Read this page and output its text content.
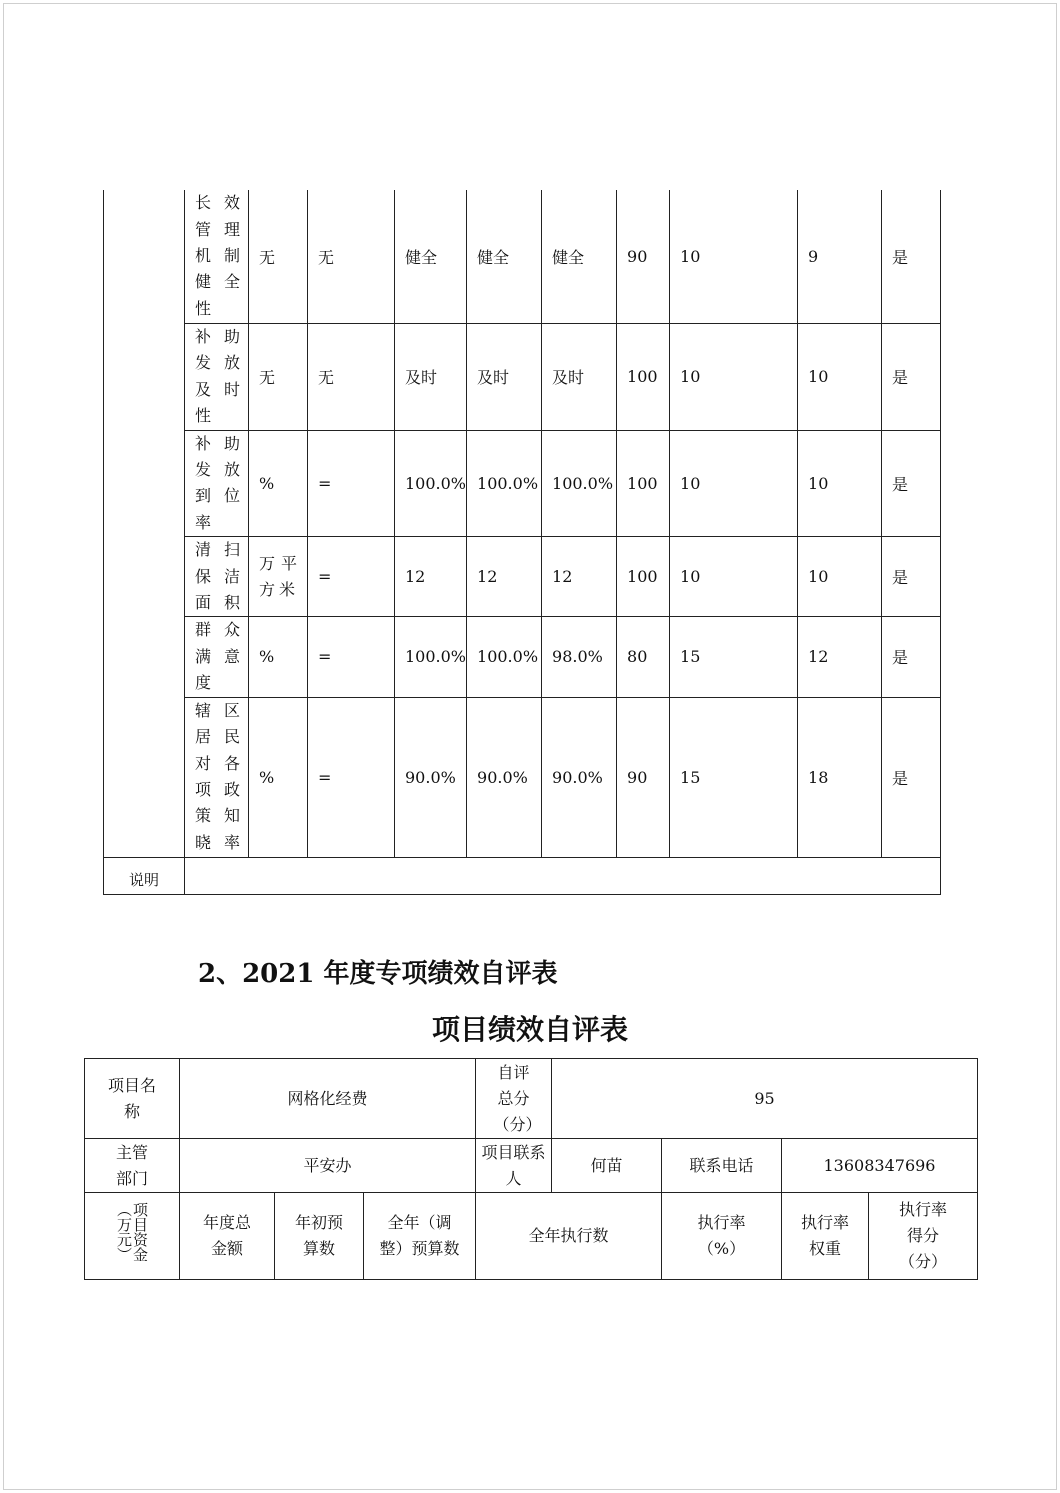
	长效管理机制健全性	无	无	健全	健全	健全	90	10	9	是

	补助发放及时性	无	无	及时	及时	及时	100	10	10	是

	补助发放到位率	%	=	100.0%	100.0%	100.0%	100	10	10	是

	清扫保洁面积	万平方米	=	12	12	12	100	10	10	是

	群众满意度	%	=	100.0%	100.0%	98.0%	80	15	12	是

	辖区居民对各项政策知晓率	%	=	90.0%	90.0%	90.0%	90	15	18	是
说明										
2、2021 年度专项绩效自评表
项目绩效自评表
项目名称	网格化经费			自评总分（分）	95			

主管部门	平安办			项目联系人	何苗	联系电话	13608347696	
项目资金（万元）	年度总金额	年初预算数	全年（调整）预算数	全年执行数		执行率（%）	执行率权重	执行率得分（分）
